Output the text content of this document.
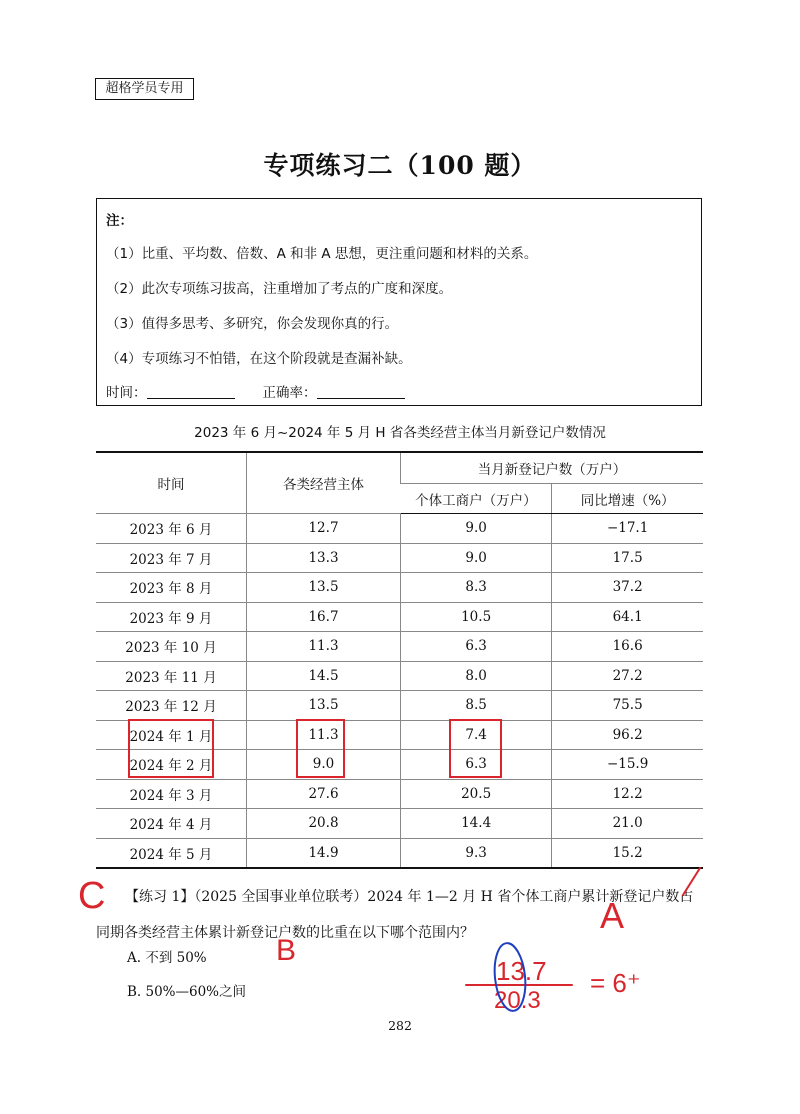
超格学员专用
专项练习二（100 题）
注：
（1）比重、平均数、倍数、A 和非 A 思想，更注重问题和材料的关系。
（2）此次专项练习拔高，注重增加了考点的广度和深度。
（3）值得多思考、多研究，你会发现你真的行。
（4）专项练习不怕错，在这个阶段就是查漏补缺。
时间：	正确率：
2023 年 6 月~2024 年 5 月 H 省各类经营主体当月新登记户数情况
时间	各类经营主体	当月新登记户数（万户）	
		个体工商户（万户）	同比增速（%）
2023 年 6 月	12.7	9.0	−17.1
2023 年 7 月	13.3	9.0	17.5
2023 年 8 月	13.5	8.3	37.2
2023 年 9 月	16.7	10.5	64.1
2023 年 10 月	11.3	6.3	16.6
2023 年 11 月	14.5	8.0	27.2
2023 年 12 月	13.5	8.5	75.5
2024 年 1 月	11.3	7.4	96.2
2024 年 2 月	9.0	6.3	−15.9
2024 年 3 月	27.6	20.5	12.2
2024 年 4 月	20.8	14.4	21.0
2024 年 5 月	14.9	9.3	15.2
【练习 1】（2025 全国事业单位联考）2024 年 1—2 月 H 省个体工商户累计新登记户数占
同期各类经营主体累计新登记户数的比重在以下哪个范围内？
A. 不到 50%
B. 50%—60%之间
282
C	A
B
13.7
20.3
= 6⁺
